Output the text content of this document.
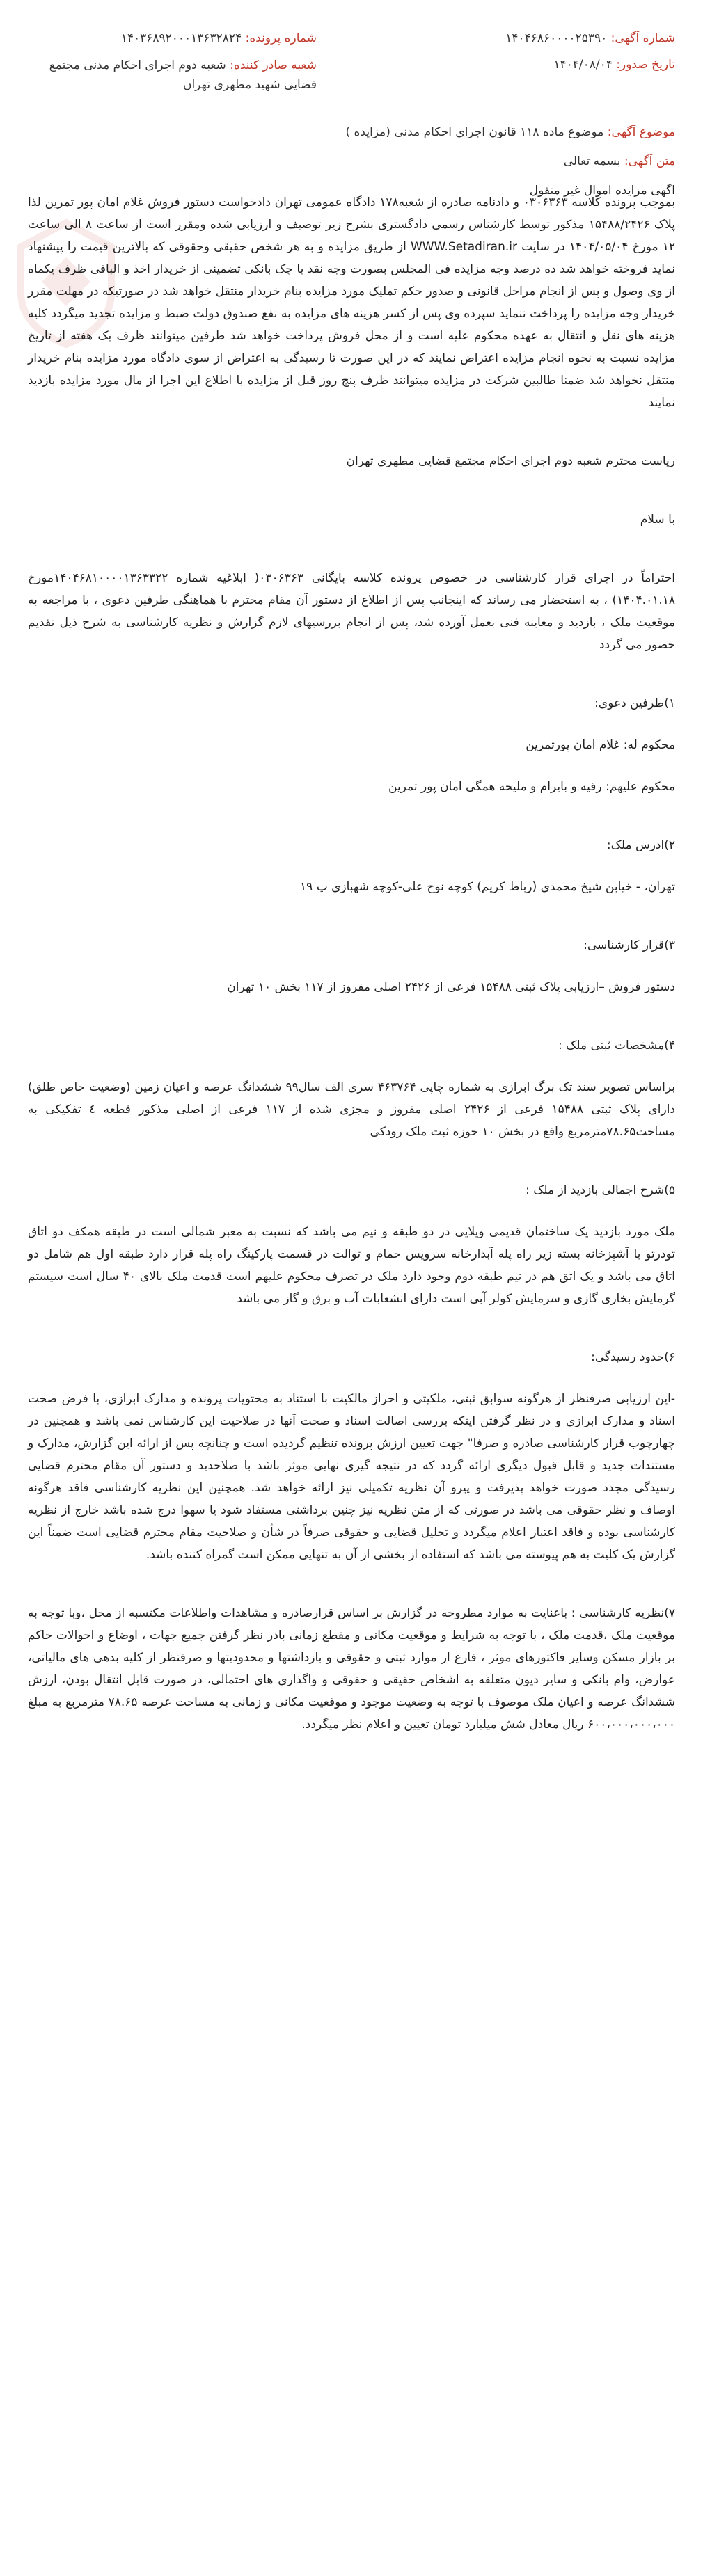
شماره آگهی: ۱۴۰۴۶۸۶۰۰۰۰۲۵۳۹۰
تاریخ صدور: ۱۴۰۴/۰۸/۰۴
شماره پرونده: ۱۴۰۳۶۸۹۲۰۰۰۱۳۶۳۲۸۲۴
شعبه صادر کننده: شعبه دوم اجرای احکام مدنی مجتمع قضایی شهید مطهری تهران
موضوع آگهی: موضوع ماده ۱۱۸ قانون اجرای احکام مدنی (مزایده )
متن آگهی: بسمه تعالی
اگهی مزایده اموال غیر منقول

بموجب پرونده کلاسه ۰۳۰۶۳۶۳ و دادنامه صادره از شعبه۱۷۸ دادگاه عمومی تهران دادخواست دستور فروش غلام امان پور تمرین لذا پلاک ۱۵۴۸۸/۲۴۲۶ مذکور توسط کارشناس رسمی دادگستری بشرح زیر توصیف و ارزیابی شده ومقرر است از ساعت ۸ الی ساعت ۱۲ مورخ ۱۴۰۴/۰۵/۰۴ در سایت WWW.Setadiran.ir از طریق مزایده و به هر شخص حقیقی وحقوقی که بالاترین قیمت را پیشنهاد نماید فروخته خواهد شد ده درصد وجه مزایده فی المجلس بصورت وجه نقد یا چک بانکی تضمینی از خریدار اخذ و الباقی ظرف یکماه از وی وصول و پس از انجام مراحل قانونی و صدور حکم تملیک مورد مزایده بنام خریدار منتقل خواهد شد در صورتیکه در مهلت مقرر خریدار وجه مزایده را پرداخت ننماید سپرده وی پس از کسر هزینه های مزایده به نفع صندوق دولت ضبط و مزایده تجدید میگردد کلیه هزینه های نقل و انتقال به عهده محکوم علیه است و از محل فروش پرداخت خواهد شد طرفین میتوانند ظرف یک هفته از تاریخ مزایده نسبت به نحوه انجام مزایده اعتراض نمایند که در این صورت تا رسیدگی به اعتراض از سوی دادگاه مورد مزایده بنام خریدار منتقل نخواهد شد ضمنا طالبین شرکت در مزایده میتوانند ظرف پنج روز قبل از مزایده با اطلاع این اجرا از مال مورد مزایده بازدید نمایند

ریاست محترم شعبه دوم اجرای احکام مجتمع قضایی مطهری تهران

با سلام

احتراماً در اجرای قرار کارشناسی در خصوص پرونده کلاسه بایگانی ۰۳۰۶۳۶۳( ابلاغیه شماره ۱۴۰۴۶۸۱۰۰۰۰۱۳۶۳۳۲۲مورخ ۱۴۰۴.۰۱.۱۸) ، به استحضار می رساند که اینجانب پس از اطلاع از دستور آن مقام محترم با هماهنگی طرفین دعوی ، با مراجعه به موقعیت ملک ، بازدید و معاینه فنی بعمل آورده شد، پس از انجام بررسیهای لازم گزارش و نظریه کارشناسی به شرح ذیل تقدیم حضور می گردد

۱)طرفین دعوی:

محکوم له: غلام امان پورتمرین

محکوم علیهم: رقیه و بایرام و ملیحه همگی امان پور تمرین

۲)ادرس ملک:

تهران، - خیابن شیخ محمدی (رباط کریم) کوچه نوح علی-کوچه شهبازی پ ۱۹

۳)قرار کارشناسی:

دستور فروش –ارزیابی پلاک ثبتی ۱۵۴۸۸ فرعی از ۲۴۲۶ اصلی مفروز از ۱۱۷ بخش ۱۰ تهران

۴)مشخصات ثبتی ملک :

براساس تصویر سند تک برگ ابرازی به شماره چاپی ۴۶۳۷۶۴ سری الف سال۹۹ ششدانگ عرصه و اعیان زمین (وضعیت خاص طلق) دارای پلاک ثبتی ۱۵۴۸۸ فرعی از ۲۴۲۶ اصلی مفروز و مجزی شده از ۱۱۷ فرعی از اصلی مذکور قطعه ٤ تفکیکی به مساحت۷۸.۶۵مترمربع واقع در بخش ۱۰ حوزه ثبت ملک رودکی

۵)شرح اجمالی بازدید از ملک :

ملک مورد بازدید یک ساختمان قدیمی ویلایی در دو طبقه و نیم می باشد که نسبت به معبر شمالی است در طبقه همکف دو اتاق تودرتو با آشپزخانه بسته زیر راه پله آبدارخانه سرویس حمام و توالت در قسمت پارکینگ راه پله قرار دارد طبقه اول هم شامل دو اتاق می باشد و یک اتق هم در نیم طبقه دوم وجود دارد ملک در تصرف محکوم علیهم است قدمت ملک بالای ۴۰ سال است سیستم گرمایش بخاری گازی و سرمایش کولر آبی است دارای انشعابات آب و برق و گاز می باشد

۶)حدود رسیدگی:

-این ارزیابی صرفنظر از هرگونه سوابق ثبتی، ملکیتی و احراز مالکیت با استناد به محتویات پرونده و مدارک ابرازی، با فرض صحت اسناد و مدارک ابرازی و در نظر گرفتن اینکه بررسی اصالت اسناد و صحت آنها در صلاحیت این کارشناس نمی باشد و همچنین در چهارچوب قرار کارشناسی صادره و صرفا" جهت تعیین ارزش پرونده تنظیم گردیده است و چنانچه پس از ارائه این گزارش، مدارک و مستندات جدید و قابل قبول دیگری ارائه گردد که در نتیجه گیری نهایی موثر باشد با صلاحدید و دستور آن مقام محترم قضایی رسیدگی مجدد صورت خواهد پذیرفت و پیرو آن نظریه تکمیلی نیز ارائه خواهد شد. همچنین این نظریه کارشناسی فاقد هرگونه اوصاف و نظر حقوقی می باشد در صورتی که از متن نظریه نیز چنین برداشتی مستفاد شود یا سهوا درج شده باشد خارج از نظریه کارشناسی بوده و فاقد اعتبار اعلام میگردد و تحلیل قضایی و حقوقی صرفاً در شأن و صلاحیت مقام محترم قضایی است ضمناً این گزارش یک کلیت به هم پیوسته می باشد که استفاده از بخشی از آن به تنهایی ممکن است گمراه کننده باشد.

۷)نظریه کارشناسی : باعنایت به موارد مطروحه در گزارش بر اساس قرارصادره و مشاهدات واطلاعات مکتسبه از محل ،وبا توجه به موقعیت ملک ،قدمت ملک ، با توجه به شرایط و موقعیت مکانی و مقطع زمانی بادر نظر گرفتن جمیع جهات ، اوضاع و احوالات حاکم بر بازار مسکن وسایر فاکتورهای موثر ، فارغ از موارد ثبتی و حقوقی و بازداشتها و محدودیتها و صرفنظر از کلیه بدهی های مالیاتی، عوارض، وام بانکی و سایر دیون متعلقه به اشخاص حقیقی و حقوقی و واگذاری های احتمالی، در صورت قابل انتقال بودن، ارزش ششدانگ عرصه و اعیان ملک موصوف با توجه به وضعیت موجود و موقعیت مکانی و زمانی به مساحت عرصه ۷۸.۶۵ مترمربع به مبلغ ۶۰۰،۰۰۰،۰۰۰،۰۰۰ ریال معادل شش میلیارد تومان تعیین و اعلام نظر میگردد.
